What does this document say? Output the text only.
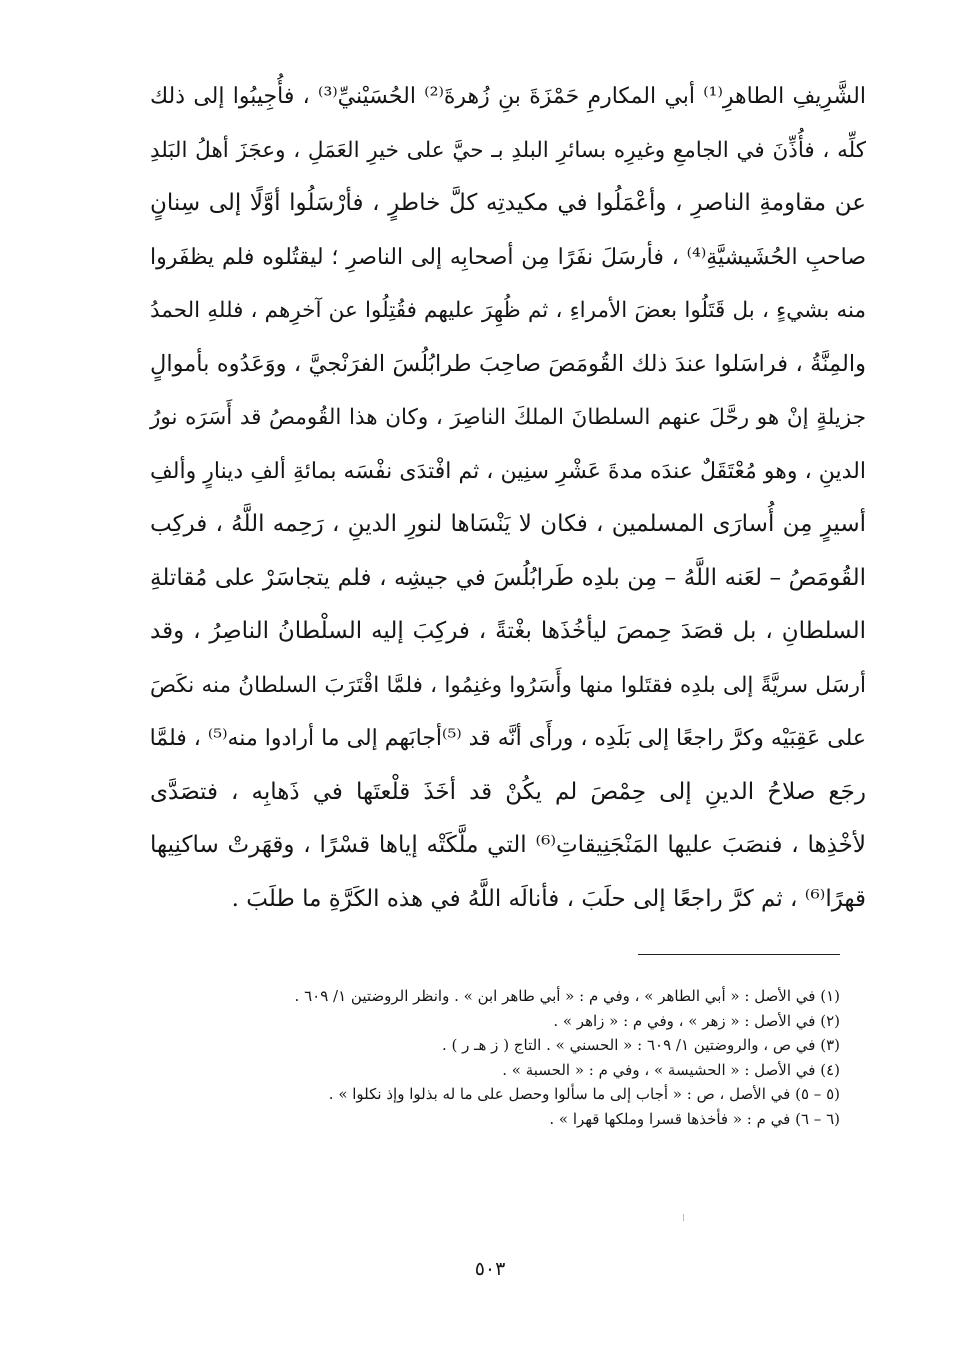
الشَّرِيفِ الطاهرِ⁽¹⁾ أبي المكارمِ حَمْزَةَ بنِ زُهرةَ⁽²⁾ الحُسَيْنيِّ⁽³⁾ ، فأُجِيبُوا إلى ذلك
كلِّه ، فأُذِّنَ في الجامعِ وغيرِه بسائرِ البلدِ بـ حيَّ على خيرِ العَمَلِ ، وعجَزَ أهلُ البَلدِ
عن مقاومةِ الناصرِ ، وأعْمَلُوا في مكيدتِه كلَّ خاطرٍ ، فأرْسَلُوا أوَّلًا إلى سِنانٍ
صاحبِ الحُشَيشيَّةِ⁽⁴⁾ ، فأرسَلَ نفَرًا مِن أصحابِه إلى الناصرِ ؛ ليقتُلوه فلم يظفَروا
منه بشيءٍ ، بل قَتَلُوا بعضَ الأمراءِ ، ثم ظُهِرَ عليهم فقُتِلُوا عن آخرِهم ، فللهِ الحمدُ
والمِنَّةُ ، فراسَلوا عندَ ذلك القُومَصَ صاحِبَ طرابُلُسَ الفرَنْجيَّ ، ووَعَدُوه بأموالٍ
جزيلةٍ إنْ هو رحَّلَ عنهم السلطانَ الملكَ الناصِرَ ، وكان هذا القُومصُ قد أَسَرَه نورُ
الدينِ ، وهو مُعْتَقَلٌ عندَه مدةَ عَشْرِ سنِين ، ثم افْتدَى نفْسَه بمائةِ ألفِ دينارٍ وألفِ
أسيرٍ مِن أُسارَى المسلمين ، فكان لا يَنْسَاها لنورِ الدينِ ، رَحِمه اللَّهُ ، فركِب
القُومَصُ – لعَنه اللَّهُ – مِن بلدِه طَرابُلُسَ في جيشِه ، فلم يتجاسَرْ على مُقاتلةِ
السلطانِ ، بل قصَدَ حِمصَ ليأخُذَها بغْتةً ، فركِبَ إليه السلْطانُ الناصِرُ ، وقد
أرسَل سريَّةً إلى بلدِه فقتَلوا منها وأَسَرُوا وغنِمُوا ، فلمَّا اقْتَرَبَ السلطانُ منه نكَصَ
على عَقِبَيْه وكرَّ راجعًا إلى بَلَدِه ، ورأَى أنَّه قد ⁽⁵⁾أجابَهم إلى ما أرادوا منه⁽⁵⁾ ، فلمَّا
رجَع صلاحُ الدينِ إلى حِمْصَ لم يكُنْ قد أخَذَ قلْعتَها في ذَهابِه ، فتصَدَّى
لأخْذِها ، فنصَبَ عليها المَنْجَنِيقاتِ⁽⁶⁾ التي ملَّكَتْه إياها قسْرًا ، وقهَرتْ ساكنِيها
قهرًا⁽⁶⁾ ، ثم كرَّ راجعًا إلى حلَبَ ، فأنالَه اللَّهُ في هذه الكَرَّةِ ما طلَبَ .
(١) في الأصل : « أبي الطاهر » ، وفي م : « أبي طاهر ابن » . وانظر الروضتين ١/ ٦٠٩ .
(٢) في الأصل : « زهر » ، وفي م : « زاهر » .
(٣) في ص ، والروضتين ١/ ٦٠٩ : « الحسني » . التاج ( ز هـ ر ) .
(٤) في الأصل : « الحشيسة » ، وفي م : « الحسبة » .
(٥ – ٥) في الأصل ، ص : « أجاب إلى ما سألوا وحصل على ما له بذلوا وإذ نكلوا » .
(٦ – ٦) في م : « فأخذها قسرا وملكها قهرا » .
٥٠٣
